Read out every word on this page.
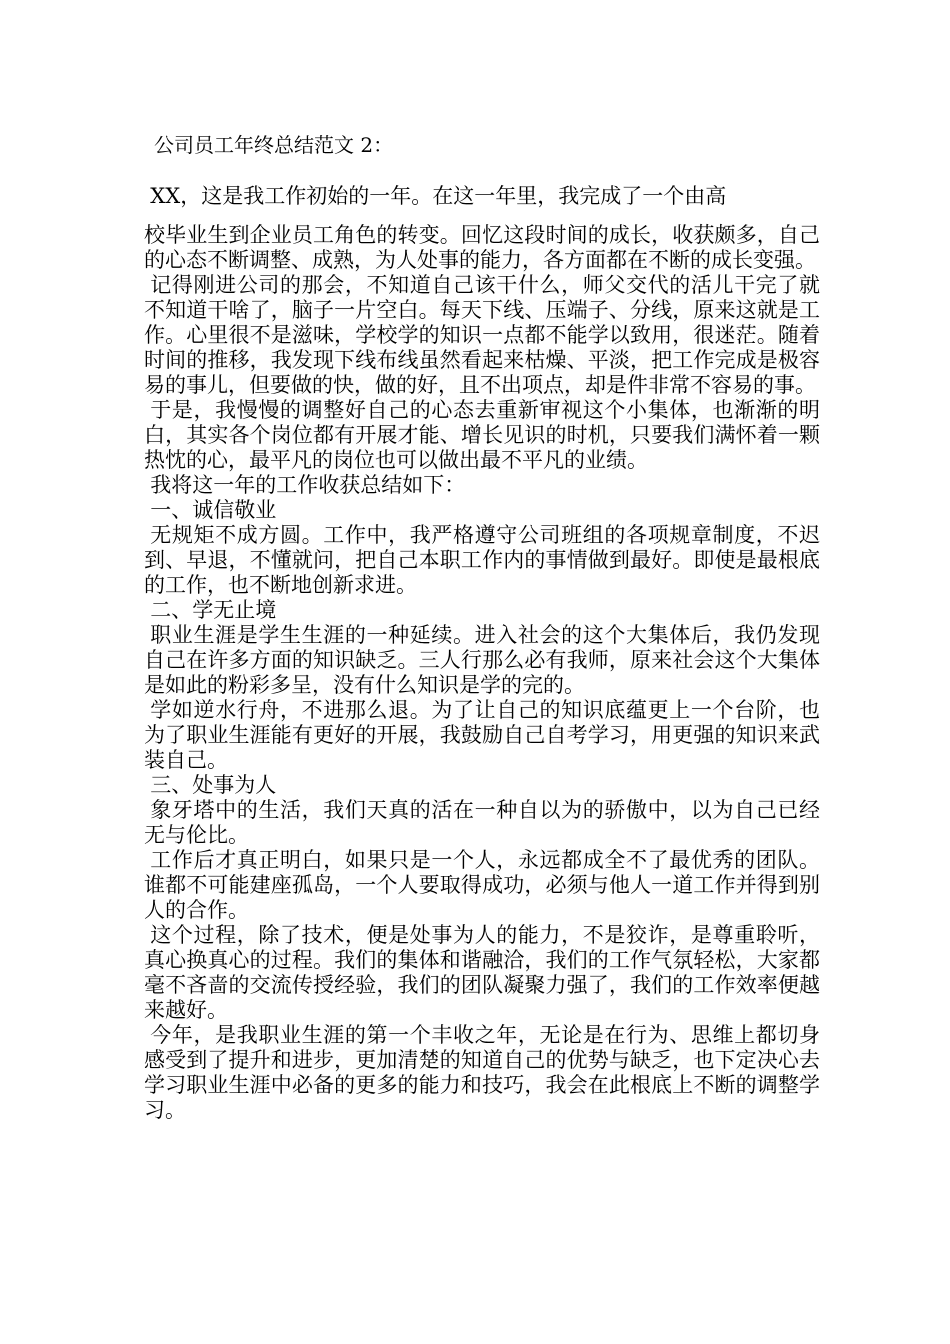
公司员工年终总结范文 2：

XX，这是我工作初始的一年。在这一年里，我完成了一个由高

校毕业生到企业员工角色的转变。回忆这段时间的成长，收获颇多，自己的心态不断调整、成熟，为人处事的能力，各方面都在不断的成长变强。

记得刚进公司的那会，不知道自己该干什么，师父交代的活儿干完了就不知道干啥了，脑子一片空白。每天下线、压端子、分线，原来这就是工作。心里很不是滋味，学校学的知识一点都不能学以致用，很迷茫。随着时间的推移，我发现下线布线虽然看起来枯燥、平淡，把工作完成是极容易的事儿，但要做的快，做的好，且不出项点，却是件非常不容易的事。

于是，我慢慢的调整好自己的心态去重新审视这个小集体，也渐渐的明白，其实各个岗位都有开展才能、增长见识的时机，只要我们满怀着一颗热忱的心，最平凡的岗位也可以做出最不平凡的业绩。

我将这一年的工作收获总结如下：

一、诚信敬业

无规矩不成方圆。工作中，我严格遵守公司班组的各项规章制度，不迟到、早退，不懂就问，把自己本职工作内的事情做到最好。即使是最根底的工作，也不断地创新求进。

二、学无止境

职业生涯是学生生涯的一种延续。进入社会的这个大集体后，我仍发现自己在许多方面的知识缺乏。三人行那么必有我师，原来社会这个大集体是如此的粉彩多呈，没有什么知识是学的完的。

学如逆水行舟，不进那么退。为了让自己的知识底蕴更上一个台阶，也为了职业生涯能有更好的开展，我鼓励自己自考学习，用更强的知识来武装自己。

三、处事为人

象牙塔中的生活，我们天真的活在一种自以为的骄傲中，以为自己已经无与伦比。

工作后才真正明白，如果只是一个人，永远都成全不了最优秀的团队。谁都不可能建座孤岛，一个人要取得成功，必须与他人一道工作并得到别人的合作。

这个过程，除了技术，便是处事为人的能力，不是狡诈，是尊重聆听，真心换真心的过程。我们的集体和谐融洽，我们的工作气氛轻松，大家都毫不吝啬的交流传授经验，我们的团队凝聚力强了，我们的工作效率便越来越好。

今年，是我职业生涯的第一个丰收之年，无论是在行为、思维上都切身感受到了提升和进步，更加清楚的知道自己的优势与缺乏，也下定决心去学习职业生涯中必备的更多的能力和技巧，我会在此根底上不断的调整学习。
